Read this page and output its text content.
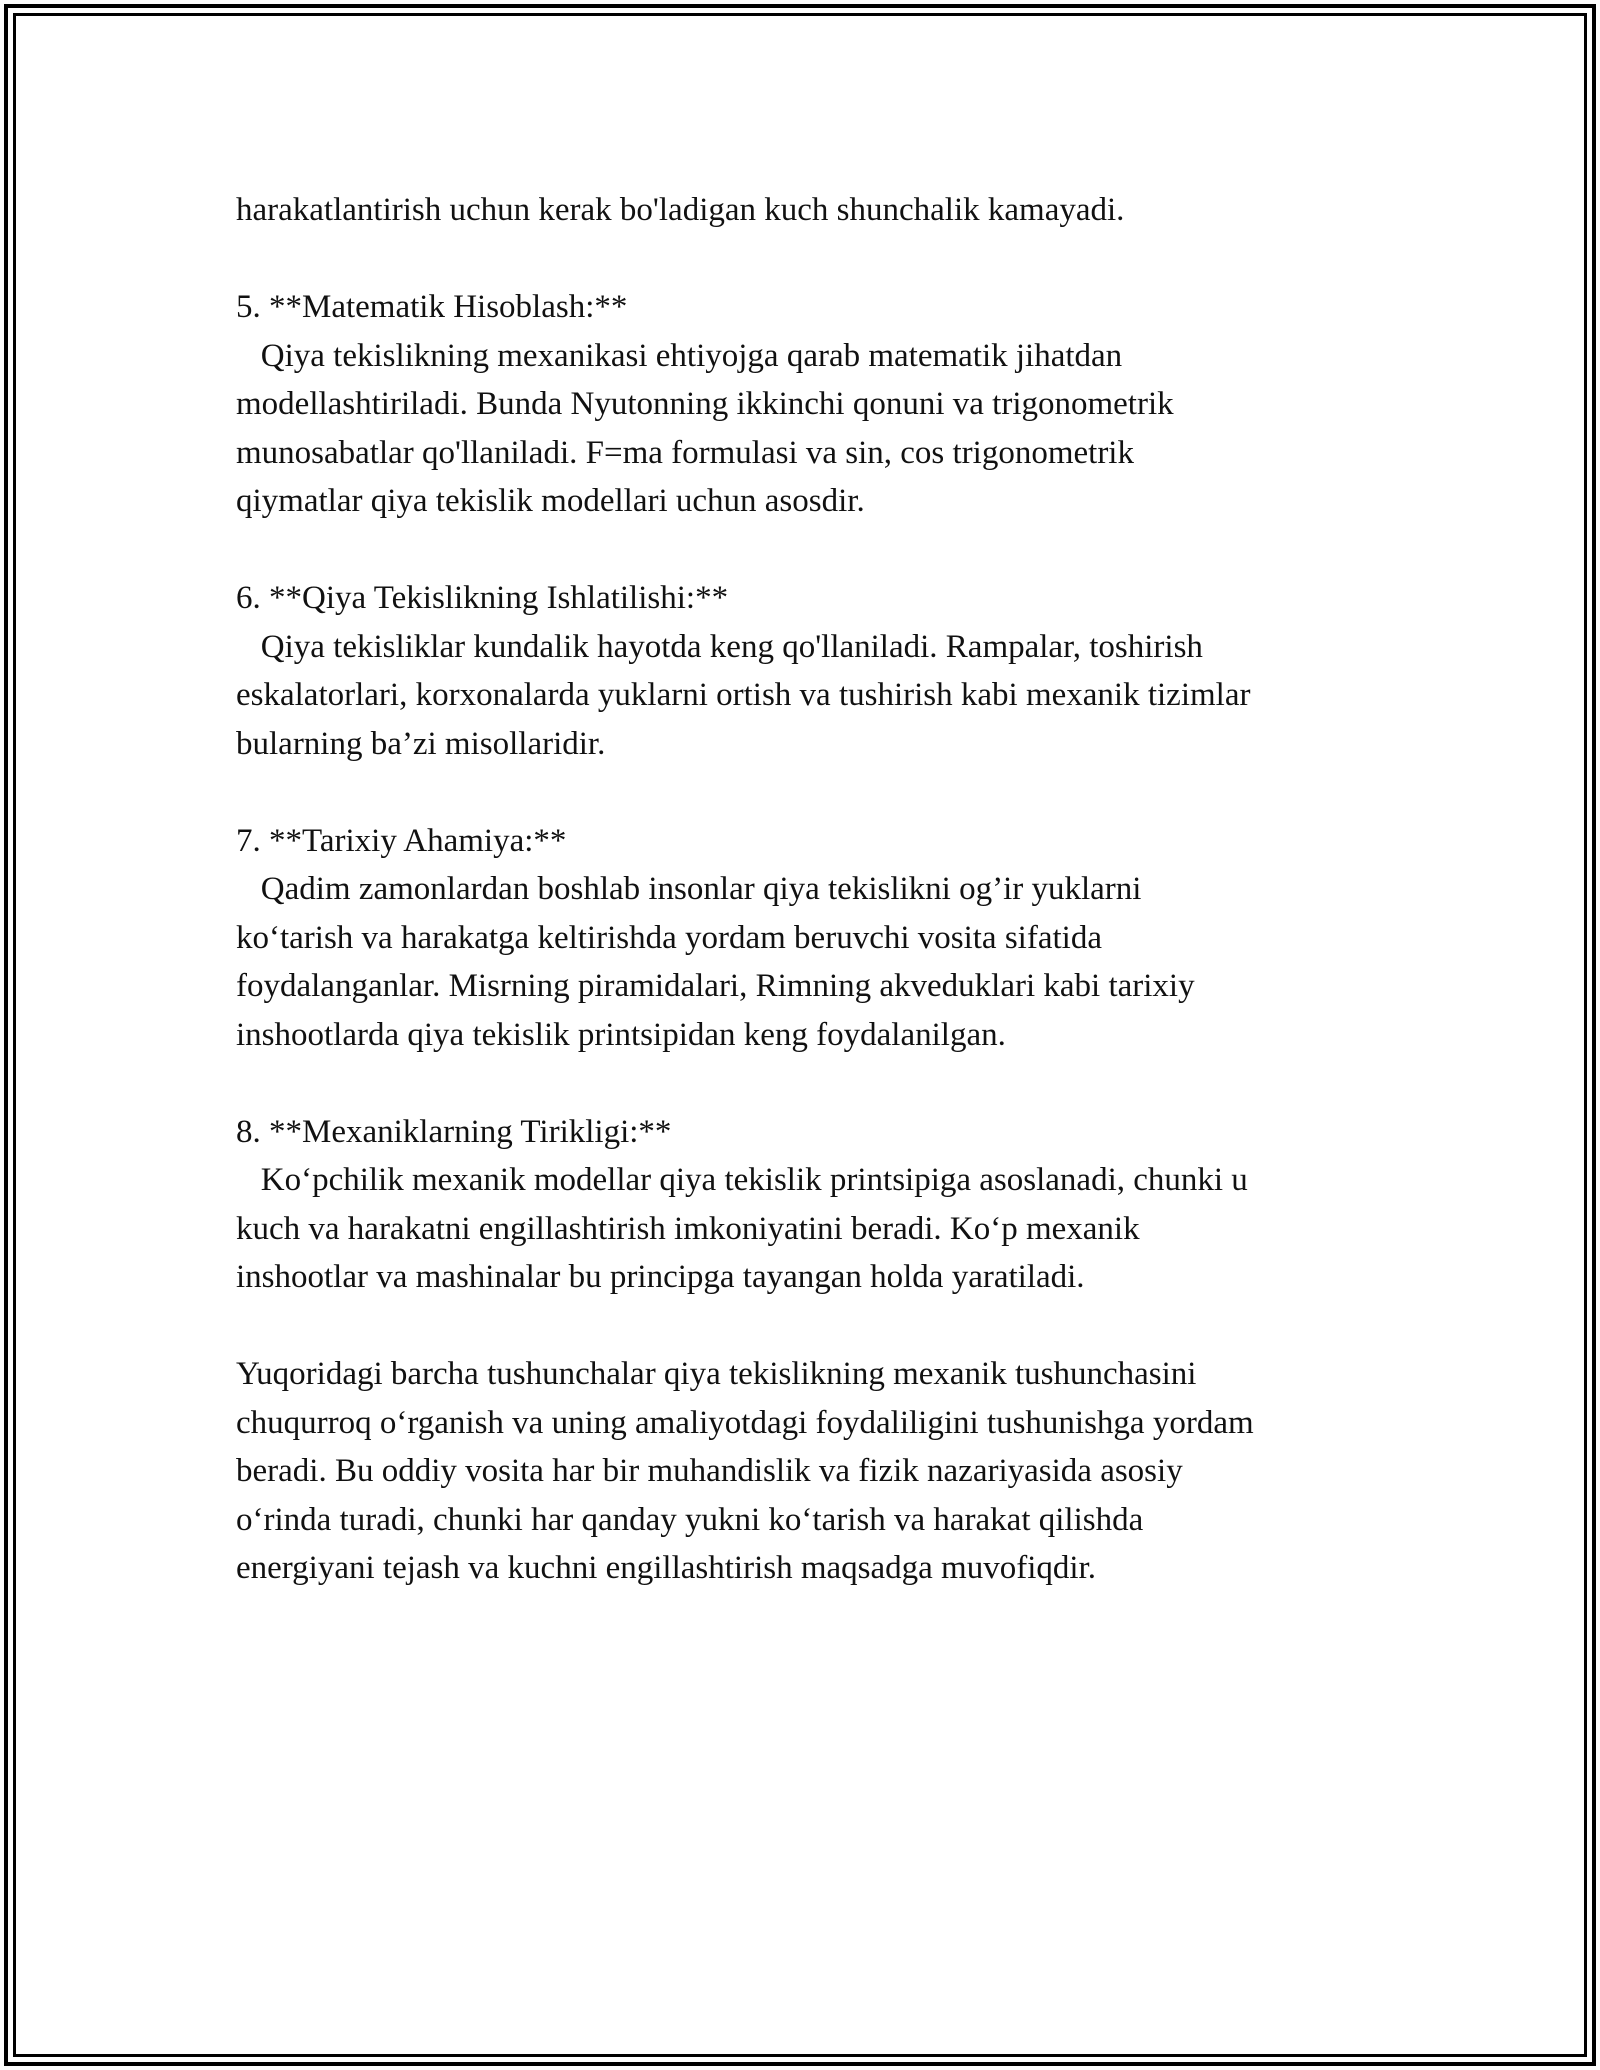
harakatlantirish uchun kerak bo'ladigan kuch shunchalik kamayadi.

5. **Matematik Hisoblash:**
Qiya tekislikning mexanikasi ehtiyojga qarab matematik jihatdan
modellashtiriladi. Bunda Nyutonning ikkinchi qonuni va trigonometrik
munosabatlar qo'llaniladi. F=ma formulasi va sin, cos trigonometrik
qiymatlar qiya tekislik modellari uchun asosdir.

6. **Qiya Tekislikning Ishlatilishi:**
Qiya tekisliklar kundalik hayotda keng qo'llaniladi. Rampalar, toshirish
eskalatorlari, korxonalarda yuklarni ortish va tushirish kabi mexanik tizimlar
bularning ba’zi misollaridir.

7. **Tarixiy Ahamiya:**
Qadim zamonlardan boshlab insonlar qiya tekislikni og’ir yuklarni
ko‘tarish va harakatga keltirishda yordam beruvchi vosita sifatida
foydalanganlar. Misrning piramidalari, Rimning akveduklari kabi tarixiy
inshootlarda qiya tekislik printsipidan keng foydalanilgan.

8. **Mexaniklarning Tirikligi:**
Ko‘pchilik mexanik modellar qiya tekislik printsipiga asoslanadi, chunki u
kuch va harakatni engillashtirish imkoniyatini beradi. Ko‘p mexanik
inshootlar va mashinalar bu principga tayangan holda yaratiladi.

Yuqoridagi barcha tushunchalar qiya tekislikning mexanik tushunchasini
chuqurroq o‘rganish va uning amaliyotdagi foydaliligini tushunishga yordam
beradi. Bu oddiy vosita har bir muhandislik va fizik nazariyasida asosiy
o‘rinda turadi, chunki har qanday yukni ko‘tarish va harakat qilishda
energiyani tejash va kuchni engillashtirish maqsadga muvofiqdir.
